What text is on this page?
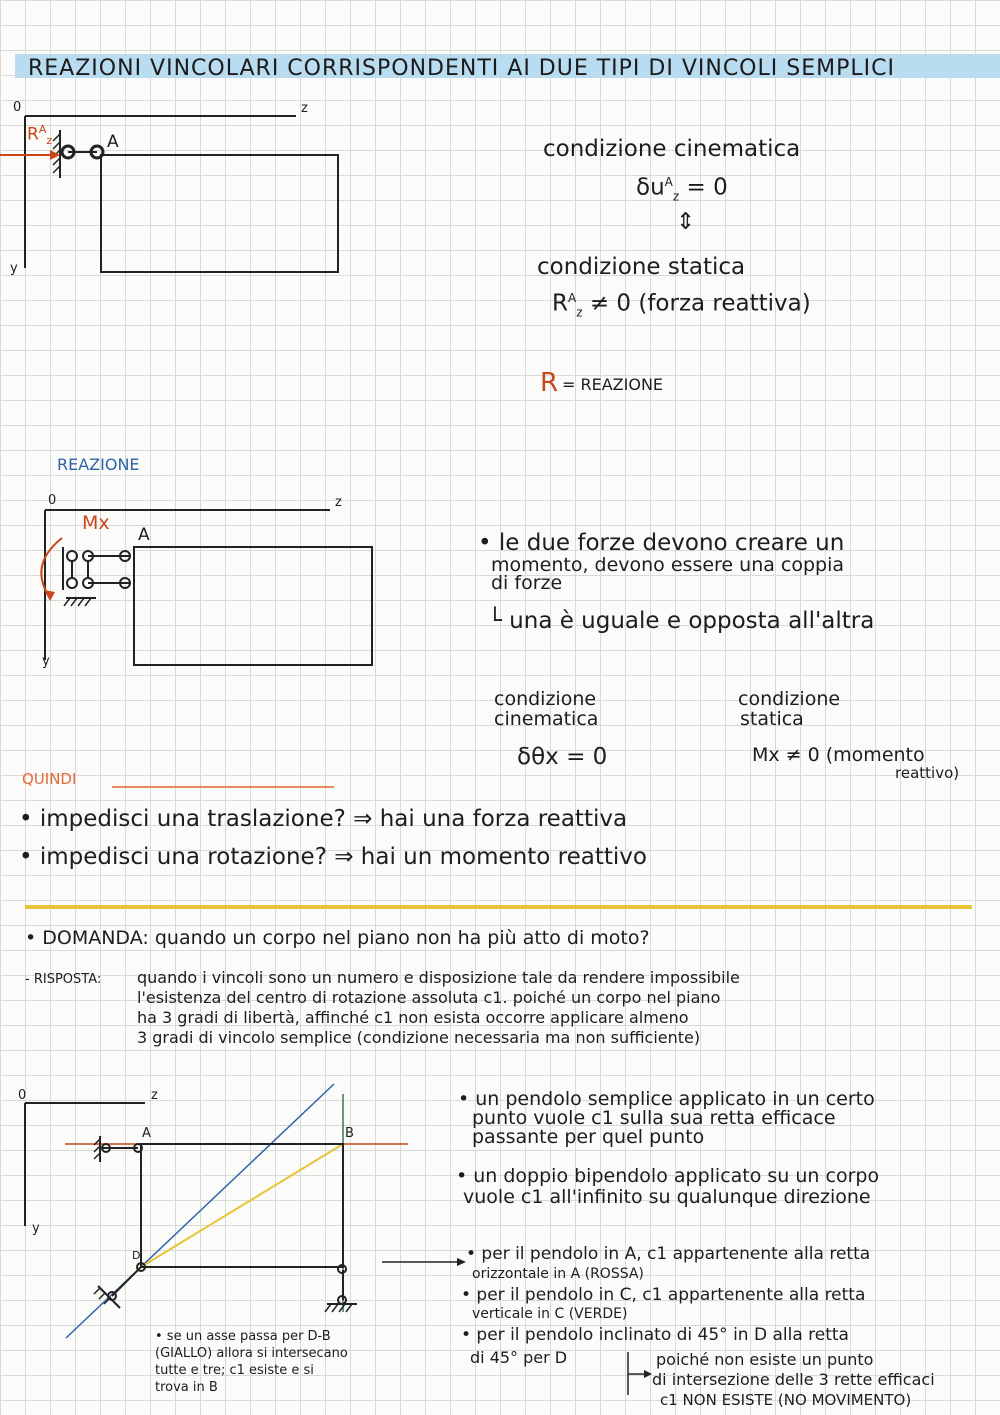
REAZIONI VINCOLARI CORRISPONDENTI AI DUE TIPI DI VINCOLI SEMPLICI
0	z
y
$R^A_z$	A	condizione cinematica
$\delta u^A_z = 0$
⇕
condizione statica
$R^A_z \ne 0$ (forza reattiva)
R = REAZIONE
REAZIONE
0	z
y
Mx
A	• le due forze devono creare un
momento, devono essere una coppia
di forze
└ una è uguale e opposta all'altra
condizione
cinematica
δθx = 0
condizione
statica
Mx ≠ 0 (momento
reattivo)
QUINDI
• impedisci una traslazione? ⇒ hai una forza reattiva
• impedisci una rotazione? ⇒ hai un momento reattivo
• DOMANDA: quando un corpo nel piano non ha più atto di moto?
- RISPOSTA: quando i vincoli sono un numero e disposizione tale da rendere impossibile
l'esistenza del centro di rotazione assoluta c1. poiché un corpo nel piano
ha 3 gradi di libertà, affinché c1 non esista occorre applicare almeno
3 gradi di vincolo semplice (condizione necessaria ma non sufficiente)
0	z
y
A	B
D
• se un asse passa per D-B
(GIALLO) allora si intersecano
tutte e tre; c1 esiste e si
trova in B
• un pendolo semplice applicato in un certo
punto vuole c1 sulla sua retta efficace
passante per quel punto
• un doppio bipendolo applicato su un corpo
vuole c1 all'infinito su qualunque direzione
• per il pendolo in A, c1 appartenente alla retta
orizzontale in A (ROSSA)
• per il pendolo in C, c1 appartenente alla retta
verticale in C (VERDE)
• per il pendolo inclinato di 45° in D alla retta
di 45° per D	poiché non esiste un punto
di intersezione delle 3 rette efficaci
c1 NON ESISTE (NO MOVIMENTO)
